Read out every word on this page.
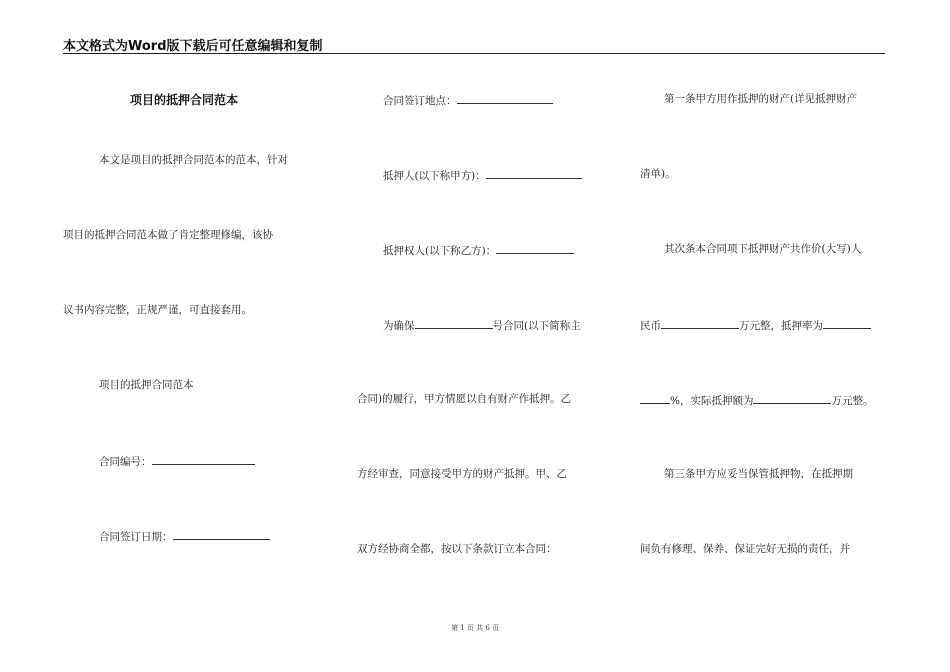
本文格式为Word版下载后可任意编辑和复制
项目的抵押合同范本
本文是项目的抵押合同范本的范本，针对
项目的抵押合同范本做了肯定整理修编，该协
议书内容完整，正规严谨，可直接套用。
项目的抵押合同范本
合同编号：
合同签订日期：
合同签订地点：
抵押人(以下称甲方)：
抵押权人(以下称乙方)：
为确保	号合同(以下简称主
合同)的履行，甲方情愿以自有财产作抵押。乙
方经审查，同意接受甲方的财产抵押。甲、乙
双方经协商全都，按以下条款订立本合同：
第一条甲方用作抵押的财产(详见抵押财产
清单)。
其次条本合同项下抵押财产共作价(大写)人
民币	万元整，抵押率为
%，实际抵押额为	万元整。
第三条甲方应妥当保管抵押物，在抵押期
间负有修理、保养、保证完好无损的责任，并
第 1 页 共 6 页
